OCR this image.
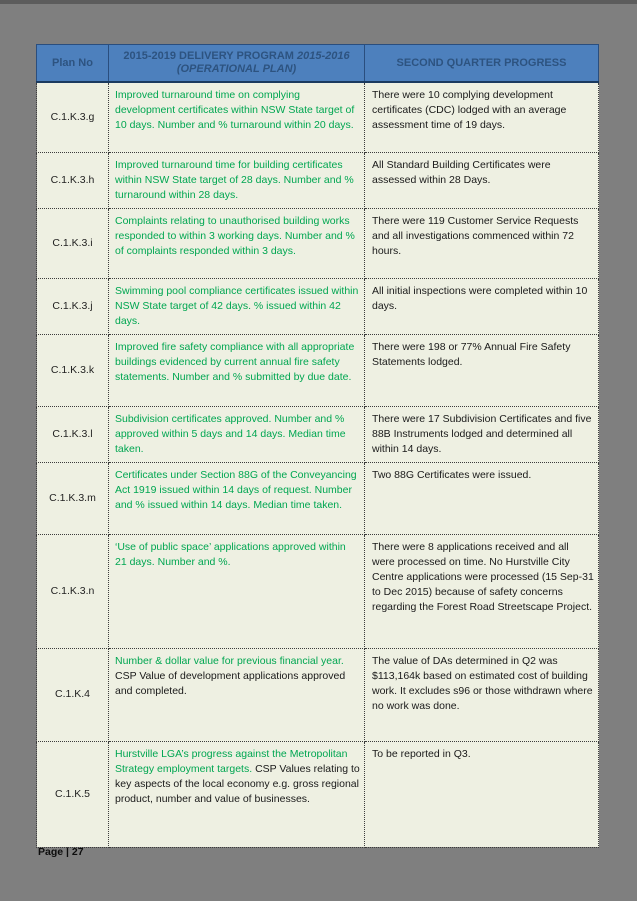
Plan No	2015-2019 DELIVERY PROGRAM 2015-2016 (OPERATIONAL PLAN)	SECOND QUARTER PROGRESS
C.1.K.3.g	Improved turnaround time on complying development certificates within NSW State target of 10 days. Number and % turnaround within 20 days.	There were 10 complying development certificates (CDC) lodged with an average assessment time of 19 days.
C.1.K.3.h	Improved turnaround time for building certificates within NSW State target of 28 days. Number and % turnaround within 28 days.	All Standard Building Certificates were assessed within 28 Days.
C.1.K.3.i	Complaints relating to unauthorised building works responded to within 3 working days. Number and % of complaints responded within 3 days.	There were 119 Customer Service Requests and all investigations commenced within 72 hours.
C.1.K.3.j	Swimming pool compliance certificates issued within NSW State target of 42 days. % issued within 42 days.	All initial inspections were completed within 10 days.
C.1.K.3.k	Improved fire safety compliance with all appropriate buildings evidenced by current annual fire safety statements. Number and % submitted by due date.	There were 198 or 77% Annual Fire Safety Statements lodged.
C.1.K.3.l	Subdivision certificates approved. Number and % approved within 5 days and 14 days. Median time taken.	There were 17 Subdivision Certificates and five 88B Instruments lodged and determined all within 14 days.
C.1.K.3.m	Certificates under Section 88G of the Conveyancing Act 1919 issued within 14 days of request. Number and % issued within 14 days. Median time taken.	Two 88G Certificates were issued.
C.1.K.3.n	‘Use of public space’ applications approved within 21 days. Number and %.	There were 8 applications received and all were processed on time. No Hurstville City Centre applications were processed (15 Sep-31 to Dec 2015) because of safety concerns regarding the Forest Road Streetscape Project.
C.1.K.4	Number & dollar value for previous financial year. CSP Value of development applications approved and completed.	The value of DAs determined in Q2 was $113,164k based on estimated cost of building work. It excludes s96 or those withdrawn where no work was done.
C.1.K.5	Hurstville LGA’s progress against the Metropolitan Strategy employment targets. CSP Values relating to key aspects of the local economy e.g. gross regional product, number and value of businesses.	To be reported in Q3.
Page | 27
